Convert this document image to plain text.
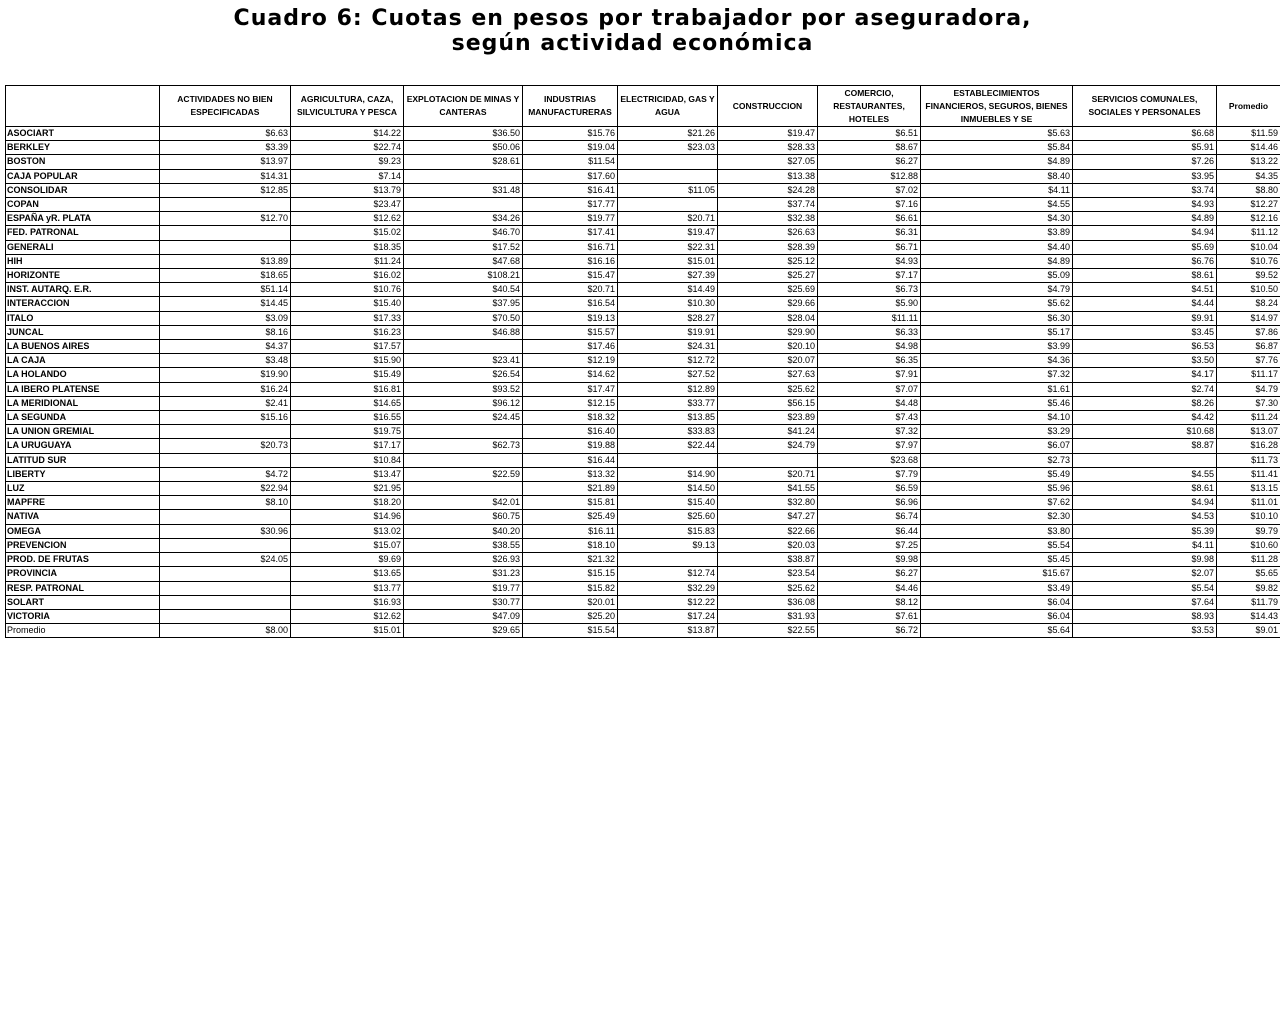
Cuadro 6: Cuotas en pesos por trabajador por aseguradora,
según actividad económica
	ACTIVIDADES NO BIEN ESPECIFICADAS	AGRICULTURA, CAZA, SILVICULTURA Y PESCA	EXPLOTACION DE MINAS Y CANTERAS	INDUSTRIAS MANUFACTURERAS	ELECTRICIDAD, GAS Y AGUA	CONSTRUCCION	COMERCIO, RESTAURANTES, HOTELES	ESTABLECIMIENTOS FINANCIEROS, SEGUROS, BIENES INMUEBLES Y SE	SERVICIOS COMUNALES, SOCIALES Y PERSONALES	Promedio
ASOCIART	$6.63	$14.22	$36.50	$15.76	$21.26	$19.47	$6.51	$5.63	$6.68	$11.59
BERKLEY	$3.39	$22.74	$50.06	$19.04	$23.03	$28.33	$8.67	$5.84	$5.91	$14.46
BOSTON	$13.97	$9.23	$28.61	$11.54		$27.05	$6.27	$4.89	$7.26	$13.22
CAJA POPULAR	$14.31	$7.14		$17.60		$13.38	$12.88	$8.40	$3.95	$4.35
CONSOLIDAR	$12.85	$13.79	$31.48	$16.41	$11.05	$24.28	$7.02	$4.11	$3.74	$8.80
COPAN		$23.47		$17.77		$37.74	$7.16	$4.55	$4.93	$12.27
ESPAÑA yR. PLATA	$12.70	$12.62	$34.26	$19.77	$20.71	$32.38	$6.61	$4.30	$4.89	$12.16
FED. PATRONAL		$15.02	$46.70	$17.41	$19.47	$26.63	$6.31	$3.89	$4.94	$11.12
GENERALI		$18.35	$17.52	$16.71	$22.31	$28.39	$6.71	$4.40	$5.69	$10.04
HIH	$13.89	$11.24	$47.68	$16.16	$15.01	$25.12	$4.93	$4.89	$6.76	$10.76
HORIZONTE	$18.65	$16.02	$108.21	$15.47	$27.39	$25.27	$7.17	$5.09	$8.61	$9.52
INST. AUTARQ. E.R.	$51.14	$10.76	$40.54	$20.71	$14.49	$25.69	$6.73	$4.79	$4.51	$10.50
INTERACCION	$14.45	$15.40	$37.95	$16.54	$10.30	$29.66	$5.90	$5.62	$4.44	$8.24
ITALO	$3.09	$17.33	$70.50	$19.13	$28.27	$28.04	$11.11	$6.30	$9.91	$14.97
JUNCAL	$8.16	$16.23	$46.88	$15.57	$19.91	$29.90	$6.33	$5.17	$3.45	$7.86
LA BUENOS AIRES	$4.37	$17.57		$17.46	$24.31	$20.10	$4.98	$3.99	$6.53	$6.87
LA CAJA	$3.48	$15.90	$23.41	$12.19	$12.72	$20.07	$6.35	$4.36	$3.50	$7.76
LA HOLANDO	$19.90	$15.49	$26.54	$14.62	$27.52	$27.63	$7.91	$7.32	$4.17	$11.17
LA IBERO PLATENSE	$16.24	$16.81	$93.52	$17.47	$12.89	$25.62	$7.07	$1.61	$2.74	$4.79
LA MERIDIONAL	$2.41	$14.65	$96.12	$12.15	$33.77	$56.15	$4.48	$5.46	$8.26	$7.30
LA SEGUNDA	$15.16	$16.55	$24.45	$18.32	$13.85	$23.89	$7.43	$4.10	$4.42	$11.24
LA UNION GREMIAL		$19.75		$16.40	$33.83	$41.24	$7.32	$3.29	$10.68	$13.07
LA URUGUAYA	$20.73	$17.17	$62.73	$19.88	$22.44	$24.79	$7.97	$6.07	$8.87	$16.28
LATITUD SUR		$10.84		$16.44			$23.68	$2.73		$11.73
LIBERTY	$4.72	$13.47	$22.59	$13.32	$14.90	$20.71	$7.79	$5.49	$4.55	$11.41
LUZ	$22.94	$21.95		$21.89	$14.50	$41.55	$6.59	$5.96	$8.61	$13.15
MAPFRE	$8.10	$18.20	$42.01	$15.81	$15.40	$32.80	$6.96	$7.62	$4.94	$11.01
NATIVA		$14.96	$60.75	$25.49	$25.60	$47.27	$6.74	$2.30	$4.53	$10.10
OMEGA	$30.96	$13.02	$40.20	$16.11	$15.83	$22.66	$6.44	$3.80	$5.39	$9.79
PREVENCION		$15.07	$38.55	$18.10	$9.13	$20.03	$7.25	$5.54	$4.11	$10.60
PROD. DE FRUTAS	$24.05	$9.69	$26.93	$21.32		$38.87	$9.98	$5.45	$9.98	$11.28
PROVINCIA		$13.65	$31.23	$15.15	$12.74	$23.54	$6.27	$15.67	$2.07	$5.65
RESP. PATRONAL		$13.77	$19.77	$15.82	$32.29	$25.62	$4.46	$3.49	$5.54	$9.82
SOLART		$16.93	$30.77	$20.01	$12.22	$36.08	$8.12	$6.04	$7.64	$11.79
VICTORIA		$12.62	$47.09	$25.20	$17.24	$31.93	$7.61	$6.04	$8.93	$14.43
Promedio	$8.00	$15.01	$29.65	$15.54	$13.87	$22.55	$6.72	$5.64	$3.53	$9.01
